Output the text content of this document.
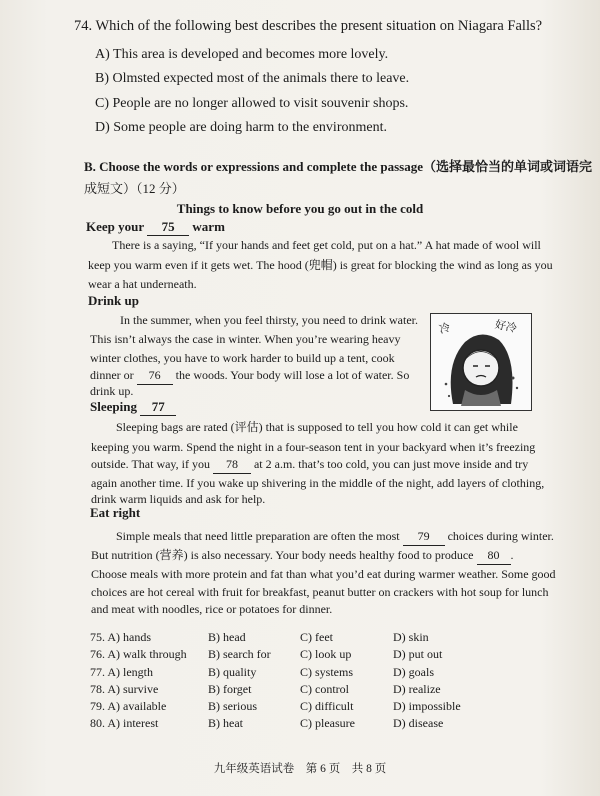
74. Which of the following best describes the present situation on Niagara Falls?
A) This area is developed and becomes more lovely.
B) Olmsted expected most of the animals there to leave.
C) People are no longer allowed to visit souvenir shops.
D) Some people are doing harm to the environment.
B. Choose the words or expressions and complete the passage（选择最恰当的单词或词语完
成短文）（12 分）
Things to know before you go out in the cold
Keep your 75 warm
There is a saying, “If your hands and feet get cold, put on a hat.” A hat made of wool will
keep you warm even if it gets wet. The hood (兜帽) is great for blocking the wind as long as you
wear a hat underneath.
Drink up
In the summer, when you feel thirsty, you need to drink water.
This isn’t always the case in winter. When you’re wearing heavy
winter clothes, you have to work harder to build up a tent, cook
dinner or 76 the woods. Your body will lose a lot of water. So
drink up.
冷	好冷
Sleeping 77
Sleeping bags are rated (评估) that is supposed to tell you how cold it can get while
keeping you warm. Spend the night in a four-season tent in your backyard when it’s freezing
outside. That way, if you 78 at 2 a.m. that’s too cold, you can just move inside and try
again another time. If you wake up shivering in the middle of the night, add layers of clothing,
drink warm liquids and ask for help.
Eat right
Simple meals that need little preparation are often the most 79 choices during winter.
But nutrition (营养) is also necessary. Your body needs healthy food to produce 80 .
Choose meals with more protein and fat than what you’d eat during warmer weather. Some good
choices are hot cereal with fruit for breakfast, peanut butter on crackers with hot soup for lunch
and meat with noodles, rice or potatoes for dinner.
75. A) hands	B) head	C) feet	D) skin
76. A) walk through B) search for C) look up	D) put out
77. A) length	B) quality	C) systems	D) goals
78. A) survive	B) forget	C) control	D) realize
79. A) available	B) serious	C) difficult	D) impossible
80. A) interest	B) heat	C) pleasure	D) disease
九年级英语试卷　第 6 页　共 8 页
